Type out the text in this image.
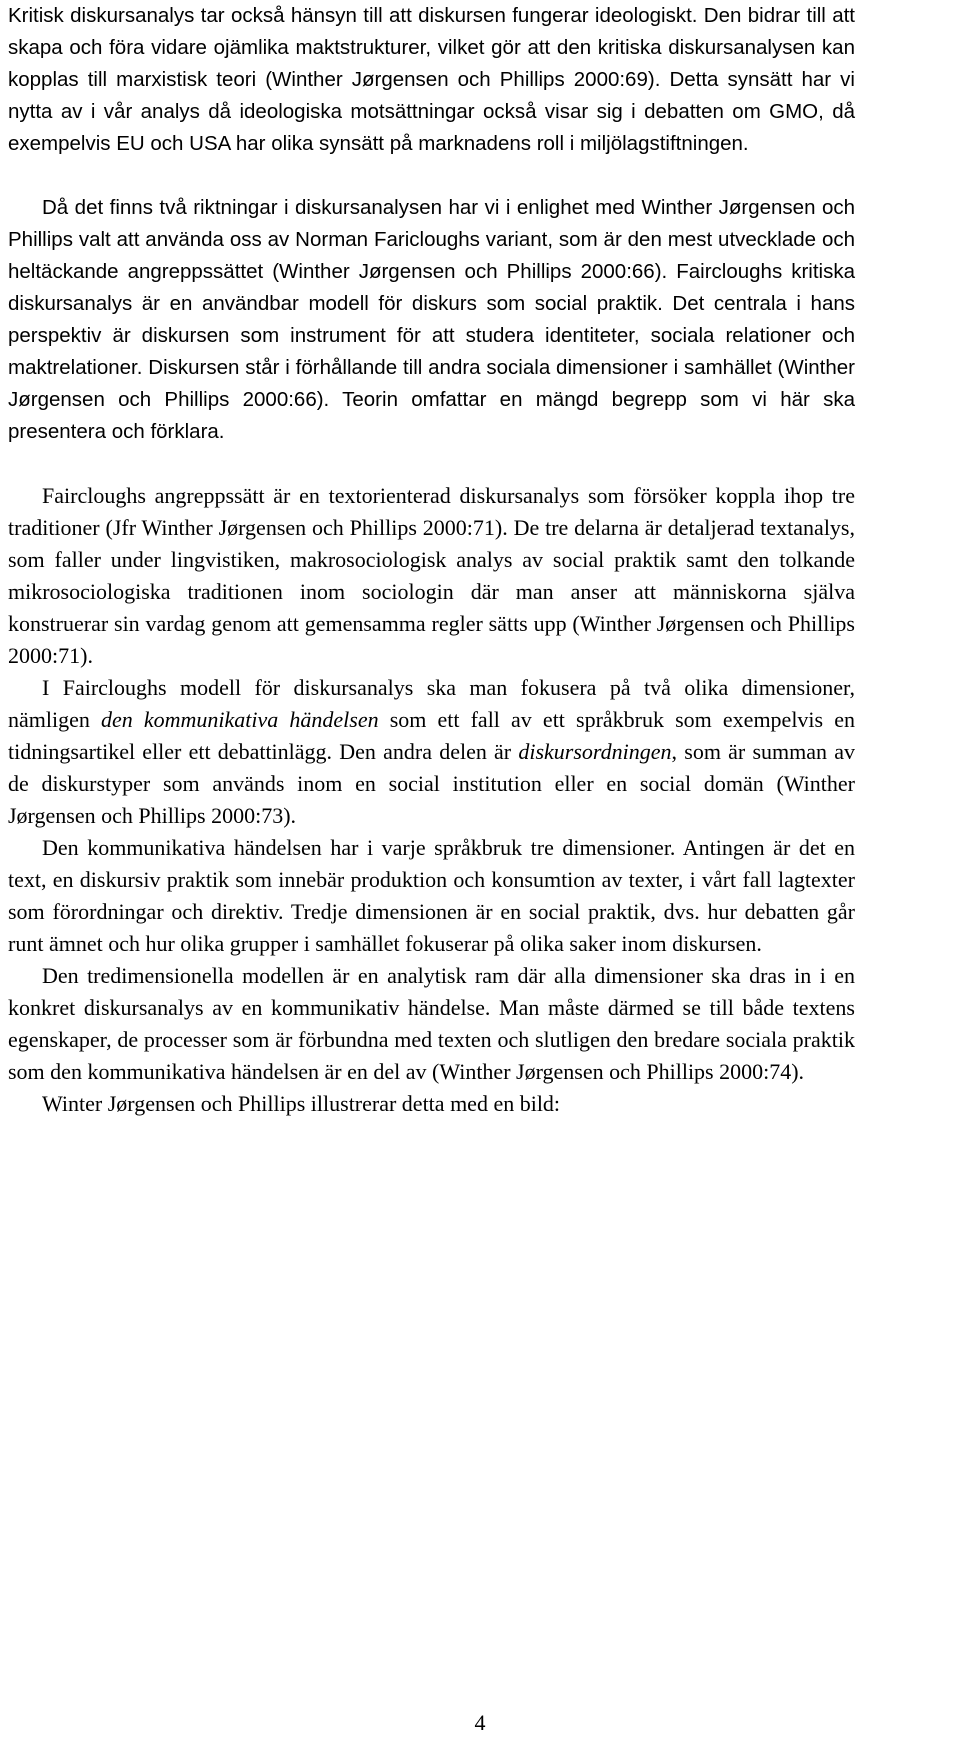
Kritisk diskursanalys tar också hänsyn till att diskursen fungerar ideologiskt. Den bidrar till att skapa och föra vidare ojämlika maktstrukturer, vilket gör att den kritiska diskursanalysen kan kopplas till marxistisk teori (Winther Jørgensen och Phillips 2000:69). Detta synsätt har vi nytta av i vår analys då ideologiska motsättningar också visar sig i debatten om GMO, då exempelvis EU och USA har olika synsätt på marknadens roll i miljölagstiftningen.

Då det finns två riktningar i diskursanalysen har vi i enlighet med Winther Jørgensen och Phillips valt att använda oss av Norman Faricloughs variant, som är den mest utvecklade och heltäckande angreppssättet (Winther Jørgensen och Phillips 2000:66). Faircloughs kritiska diskursanalys är en användbar modell för diskurs som social praktik. Det centrala i hans perspektiv är diskursen som instrument för att studera identiteter, sociala relationer och maktrelationer. Diskursen står i förhållande till andra sociala dimensioner i samhället (Winther Jørgensen och Phillips 2000:66). Teorin omfattar en mängd begrepp som vi här ska presentera och förklara.

Faircloughs angreppssätt är en textorienterad diskursanalys som försöker koppla ihop tre traditioner (Jfr Winther Jørgensen och Phillips 2000:71). De tre delarna är detaljerad textanalys, som faller under lingvistiken, makrosociologisk analys av social praktik samt den tolkande mikrosociologiska traditionen inom sociologin där man anser att människorna själva konstruerar sin vardag genom att gemensamma regler sätts upp (Winther Jørgensen och Phillips 2000:71).

I Faircloughs modell för diskursanalys ska man fokusera på två olika dimensioner, nämligen den kommunikativa händelsen som ett fall av ett språkbruk som exempelvis en tidningsartikel eller ett debattinlägg. Den andra delen är diskursordningen, som är summan av de diskurstyper som används inom en social institution eller en social domän (Winther Jørgensen och Phillips 2000:73).

Den kommunikativa händelsen har i varje språkbruk tre dimensioner. Antingen är det en text, en diskursiv praktik som innebär produktion och konsumtion av texter, i vårt fall lagtexter som förordningar och direktiv. Tredje dimensionen är en social praktik, dvs. hur debatten går runt ämnet och hur olika grupper i samhället fokuserar på olika saker inom diskursen.

Den tredimensionella modellen är en analytisk ram där alla dimensioner ska dras in i en konkret diskursanalys av en kommunikativ händelse. Man måste därmed se till både textens egenskaper, de processer som är förbundna med texten och slutligen den bredare sociala praktik som den kommunikativa händelsen är en del av (Winther Jørgensen och Phillips 2000:74).

Winter Jørgensen och Phillips illustrerar detta med en bild:

4
